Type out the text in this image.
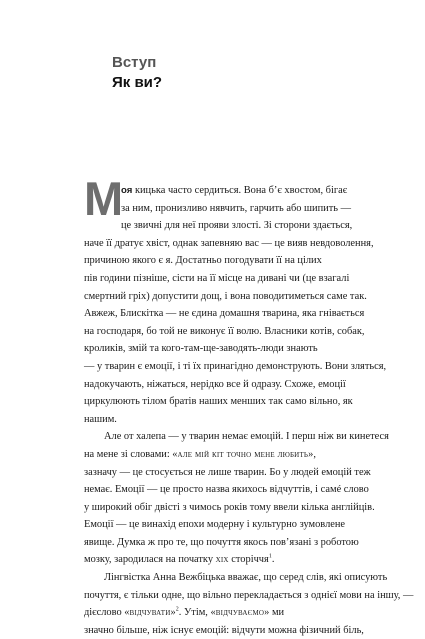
Вступ
Як ви?
М
оя кицька часто сердиться. Вона б’є хвостом, бігає
за ним, пронизливо нявчить, гарчить або шипить —
це звичні для неї прояви злості. Зі сторони здається,
наче її дратує хвіст, однак запевняю вас — це вияв невдоволення,
причиною якого є я. Достатньо погодувати її на цілих
пів години пізніше, сісти на її місце на дивані чи (це взагалі
смертний гріх) допустити дощ, і вона поводитиметься саме так.
Авжеж, Блискітка — не єдина домашня тварина, яка гнівається
на господаря, бо той не виконує її волю. Власники котів, собак,
кроликів, змій та кого-там-ще-заводять-люди знають
— у тварин є емоції, і ті їх принагідно демонструють. Вони зляться,
надокучають, ніжаться, нерідко все й одразу. Схоже, емоції
циркулюють тілом братів наших менших так само вільно, як
нашим.
Але от халепа — у тварин немає емоцій. І перш ніж ви кинетеся
на мене зі словами: «але мій кіт точно мене любить»,
зазначу — це стосується не лише тварин. Бо у людей емоцій теж
немає. Емоції — це просто назва якихось відчуттів, і самé слово
у широкий обіг двісті з чимось років тому ввели кілька англійців.
Емоції — це винахід епохи модерну і культурно зумовлене
явище. Думка ж про те, що почуття якось пов’язані з роботою
мозку, зародилася на початку xix сторіччя$^1$.
Лінгвістка Анна Вежбіцька вважає, що серед слів, які описують
почуття, є тільки одне, що вільно перекладається з однієї мови на іншу, —
дієслово «відчувати»$^2$. Утім, «відчуваємо» ми
значно більше, ніж існує емоцій: відчути можна фізичний біль,
